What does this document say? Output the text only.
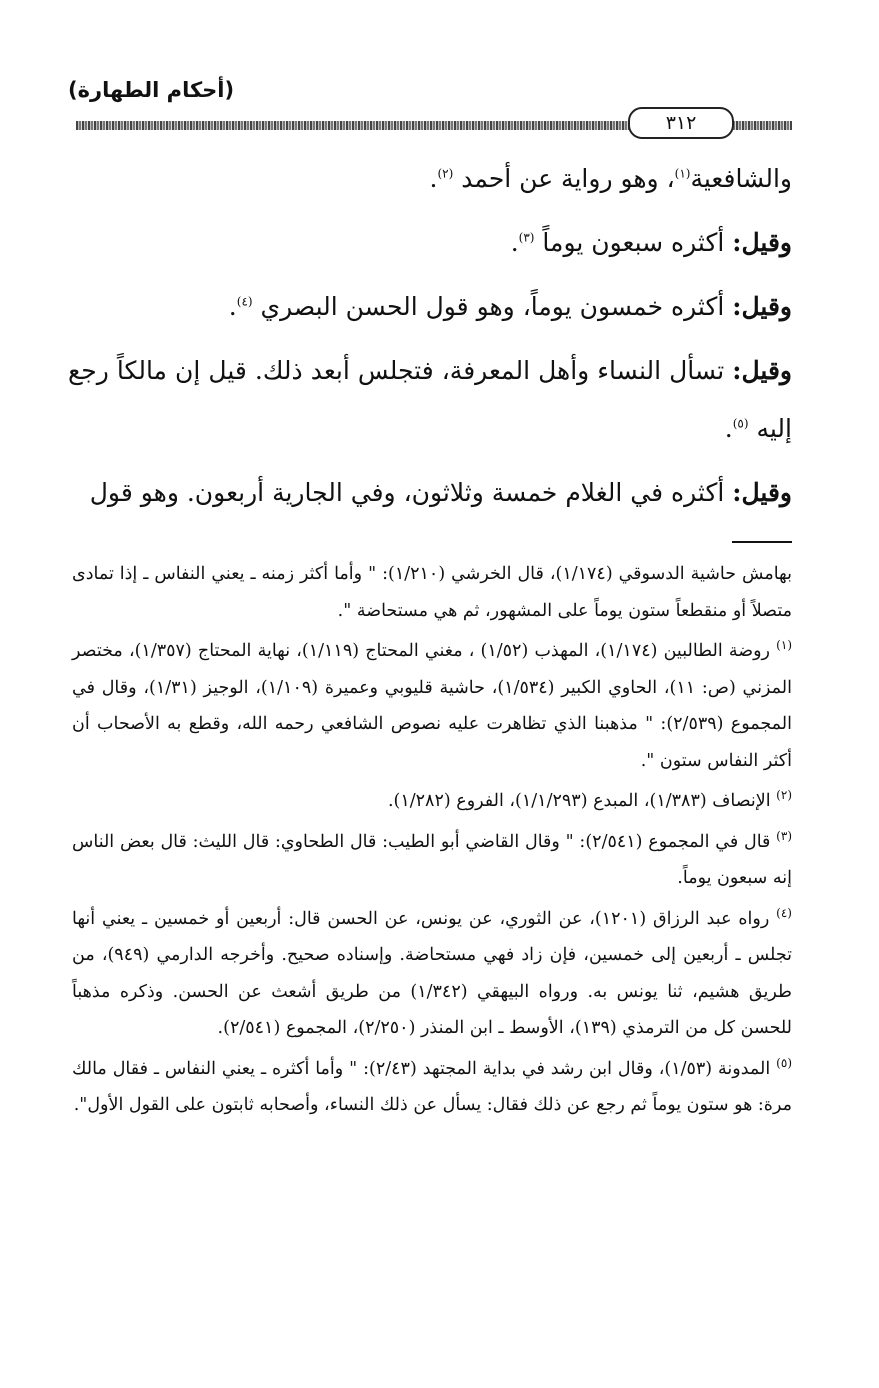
(أحكام الطهارة)
٣١٢

والشافعية$^{(١)}$، وهو رواية عن أحمد $^{(٢)}$.

وقيل: أكثره سبعون يوماً $^{(٣)}$.

وقيل: أكثره خمسون يوماً، وهو قول الحسن البصري $^{(٤)}$.

وقيل: تسأل النساء وأهل المعرفة، فتجلس أبعد ذلك. قيل إن مالكاً رجع إليه $^{(٥)}$.

وقيل: أكثره في الغلام خمسة وثلاثون، وفي الجارية أربعون. وهو قول

بهامش حاشية الدسوقي (١/١٧٤)، قال الخرشي (١/٢١٠): " وأما أكثر زمنه ـ يعني النفاس ـ إذا تمادى متصلاً أو منقطعاً ستون يوماً على المشهور، ثم هي مستحاضة ".

$^{(١)}$ روضة الطالبين (١/١٧٤)، المهذب (١/٥٢) ، مغني المحتاج (١/١١٩)، نهاية المحتاج (١/٣٥٧)، مختصر المزني (ص: ١١)، الحاوي الكبير (١/٥٣٤)، حاشية قليوبي وعميرة (١/١٠٩)، الوجيز (١/٣١)، وقال في المجموع (٢/٥٣٩): " مذهبنا الذي تظاهرت عليه نصوص الشافعي رحمه الله، وقطع به الأصحاب أن أكثر النفاس ستون ".

$^{(٢)}$ الإنصاف (١/٣٨٣)، المبدع (١/١/٢٩٣)، الفروع (١/٢٨٢).

$^{(٣)}$ قال في المجموع (٢/٥٤١): " وقال القاضي أبو الطيب: قال الطحاوي: قال الليث: قال بعض الناس إنه سبعون يوماً.

$^{(٤)}$ رواه عبد الرزاق (١٢٠١)، عن الثوري، عن يونس، عن الحسن قال: أربعين أو خمسين ـ يعني أنها تجلس ـ أربعين إلى خمسين، فإن زاد فهي مستحاضة. وإسناده صحيح. وأخرجه الدارمي (٩٤٩)، من طريق هشيم، ثنا يونس به. ورواه البيهقي (١/٣٤٢) من طريق أشعث عن الحسن. وذكره مذهباً للحسن كل من الترمذي (١٣٩)، الأوسط ـ ابن المنذر (٢/٢٥٠)، المجموع (٢/٥٤١).

$^{(٥)}$ المدونة (١/٥٣)، وقال ابن رشد في بداية المجتهد (٢/٤٣): " وأما أكثره ـ يعني النفاس ـ فقال مالك مرة: هو ستون يوماً ثم رجع عن ذلك فقال: يسأل عن ذلك النساء، وأصحابه ثابتون على القول الأول".
